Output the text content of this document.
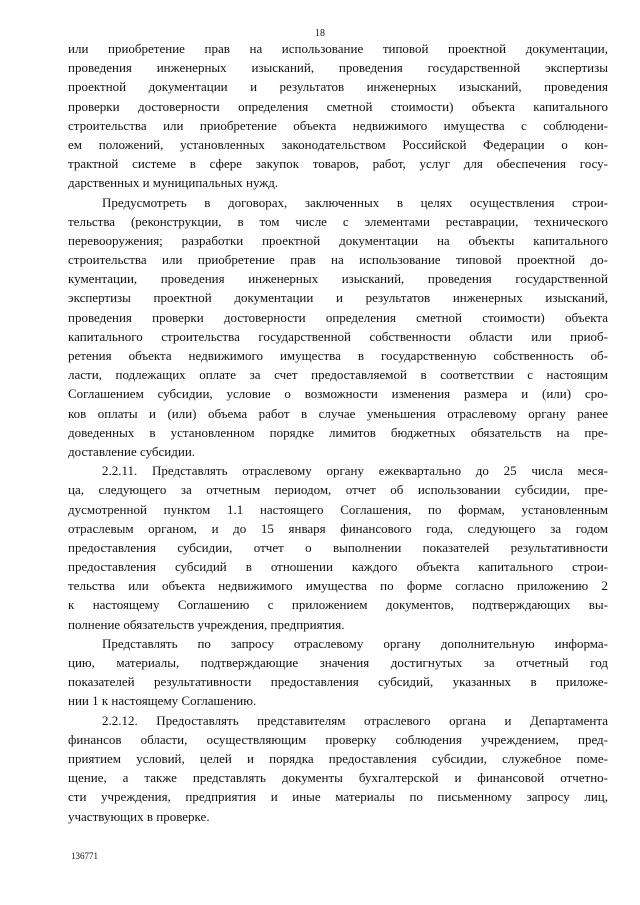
18

или приобретение прав на использование типовой проектной документации,

проведения инженерных изысканий, проведения государственной экспертизы

проектной документации и результатов инженерных изысканий, проведения

проверки достоверности определения сметной стоимости) объекта капитального

строительства или приобретение объекта недвижимого имущества с соблюдени-

ем положений, установленных законодательством Российской Федерации о кон-

трактной системе в сфере закупок товаров, работ, услуг для обеспечения госу-

дарственных и муниципальных нужд.

Предусмотреть в договорах, заключенных в целях осуществления строи-

тельства (реконструкции, в том числе с элементами реставрации, технического

перевооружения; разработки проектной документации на объекты капитального

строительства или приобретение прав на использование типовой проектной до-

кументации, проведения инженерных изысканий, проведения государственной

экспертизы проектной документации и результатов инженерных изысканий,

проведения проверки достоверности определения сметной стоимости) объекта

капитального строительства государственной собственности области или приоб-

ретения объекта недвижимого имущества в государственную собственность об-

ласти, подлежащих оплате за счет предоставляемой в соответствии с настоящим

Соглашением субсидии, условие о возможности изменения размера и (или) сро-

ков оплаты и (или) объема работ в случае уменьшения отраслевому органу ранее

доведенных в установленном порядке лимитов бюджетных обязательств на пре-

доставление субсидии.

2.2.11. Представлять отраслевому органу ежеквартально до 25 числа меся-

ца, следующего за отчетным периодом, отчет об использовании субсидии, пре-

дусмотренной пунктом 1.1 настоящего Соглашения, по формам, установленным

отраслевым органом, и до 15 января финансового года, следующего за годом

предоставления субсидии, отчет о выполнении показателей результативности

предоставления субсидий в отношении каждого объекта капитального строи-

тельства или объекта недвижимого имущества по форме согласно приложению 2

к настоящему Соглашению с приложением документов, подтверждающих вы-

полнение обязательств учреждения, предприятия.

Представлять по запросу отраслевому органу дополнительную информа-

цию, материалы, подтверждающие значения достигнутых за отчетный год

показателей результативности предоставления субсидий, указанных в приложе-

нии 1 к настоящему Соглашению.

2.2.12. Предоставлять представителям отраслевого органа и Департамента

финансов области, осуществляющим проверку соблюдения учреждением, пред-

приятием условий, целей и порядка предоставления субсидии, служебное поме-

щение, а также представлять документы бухгалтерской и финансовой отчетно-

сти учреждения, предприятия и иные материалы по письменному запросу лиц,

участвующих в проверке.

136771
